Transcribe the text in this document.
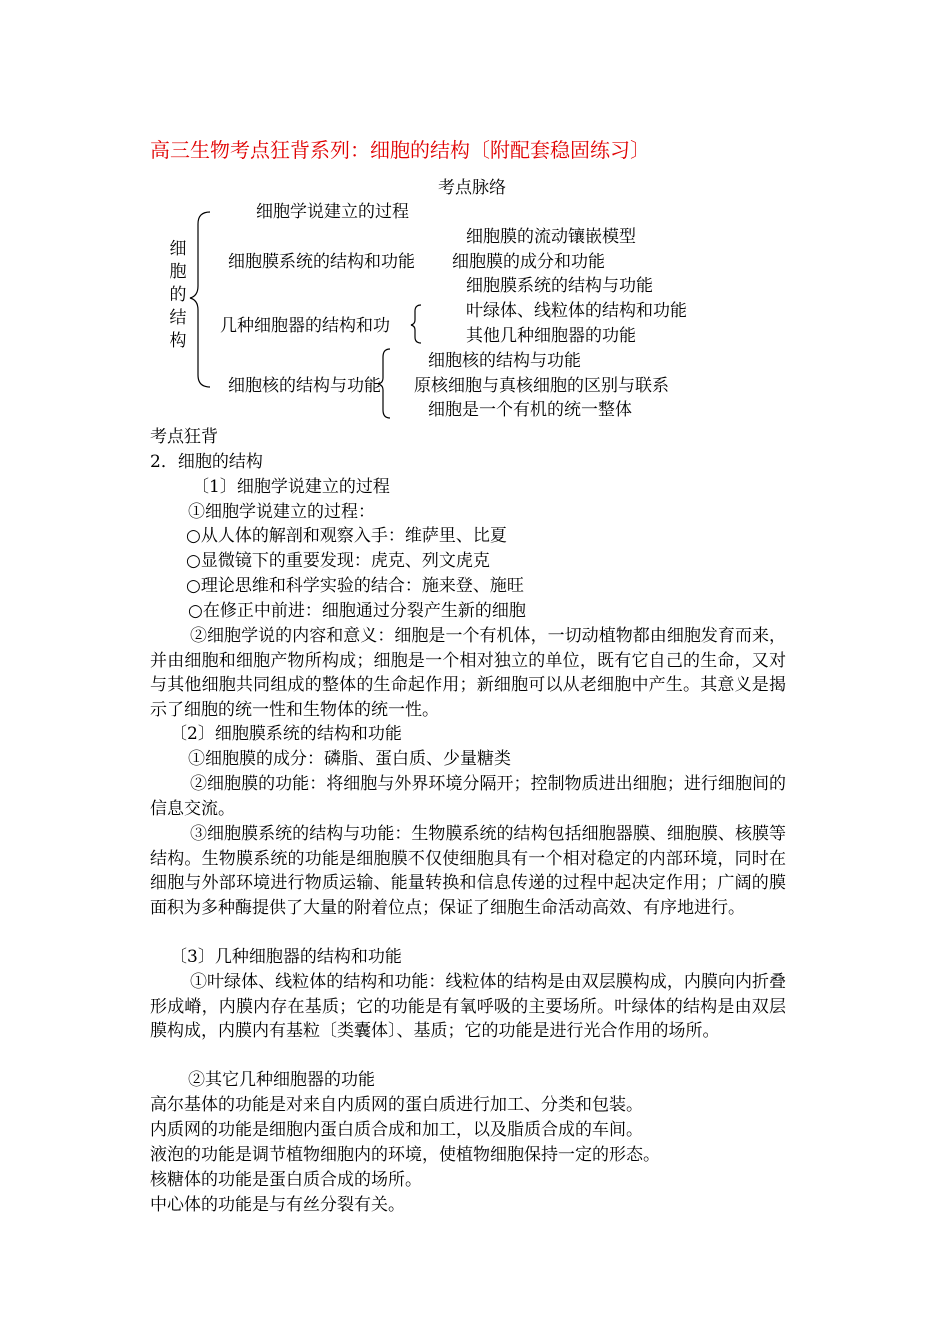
高三生物考点狂背系列：细胞的结构〔附配套稳固练习〕
考点脉络
细胞的结构
细胞学说建立的过程
细胞膜系统的结构和功能
细胞膜的流动镶嵌模型
细胞膜的成分和功能
细胞膜系统的结构与功能
几种细胞器的结构和功
叶绿体、线粒体的结构和功能
其他几种细胞器的功能
细胞核的结构与功能
细胞核的结构与功能
原核细胞与真核细胞的区别与联系
细胞是一个有机的统一整体
考点狂背
2．细胞的结构
〔1〕细胞学说建立的过程
①细胞学说建立的过程：
○从人体的解剖和观察入手：维萨里、比夏
○显微镜下的重要发现：虎克、列文虎克
○理论思维和科学实验的结合：施来登、施旺
○在修正中前进：细胞通过分裂产生新的细胞
②细胞学说的内容和意义：细胞是一个有机体，一切动植物都由细胞发育而来，并由细胞和细胞产物所构成；细胞是一个相对独立的单位，既有它自己的生命，又对与其他细胞共同组成的整体的生命起作用；新细胞可以从老细胞中产生。其意义是揭示了细胞的统一性和生物体的统一性。
〔2〕细胞膜系统的结构和功能
①细胞膜的成分：磷脂、蛋白质、少量糖类
②细胞膜的功能：将细胞与外界环境分隔开；控制物质进出细胞；进行细胞间的信息交流。
③细胞膜系统的结构与功能：生物膜系统的结构包括细胞器膜、细胞膜、核膜等结构。生物膜系统的功能是细胞膜不仅使细胞具有一个相对稳定的内部环境，同时在细胞与外部环境进行物质运输、能量转换和信息传递的过程中起决定作用；广阔的膜面积为多种酶提供了大量的附着位点；保证了细胞生命活动高效、有序地进行。
〔3〕几种细胞器的结构和功能
①叶绿体、线粒体的结构和功能：线粒体的结构是由双层膜构成，内膜向内折叠形成嵴，内膜内存在基质；它的功能是有氧呼吸的主要场所。叶绿体的结构是由双层膜构成，内膜内有基粒〔类囊体〕、基质；它的功能是进行光合作用的场所。
②其它几种细胞器的功能
高尔基体的功能是对来自内质网的蛋白质进行加工、分类和包装。
内质网的功能是细胞内蛋白质合成和加工，以及脂质合成的车间。
液泡的功能是调节植物细胞内的环境，使植物细胞保持一定的形态。
核糖体的功能是蛋白质合成的场所。
中心体的功能是与有丝分裂有关。
